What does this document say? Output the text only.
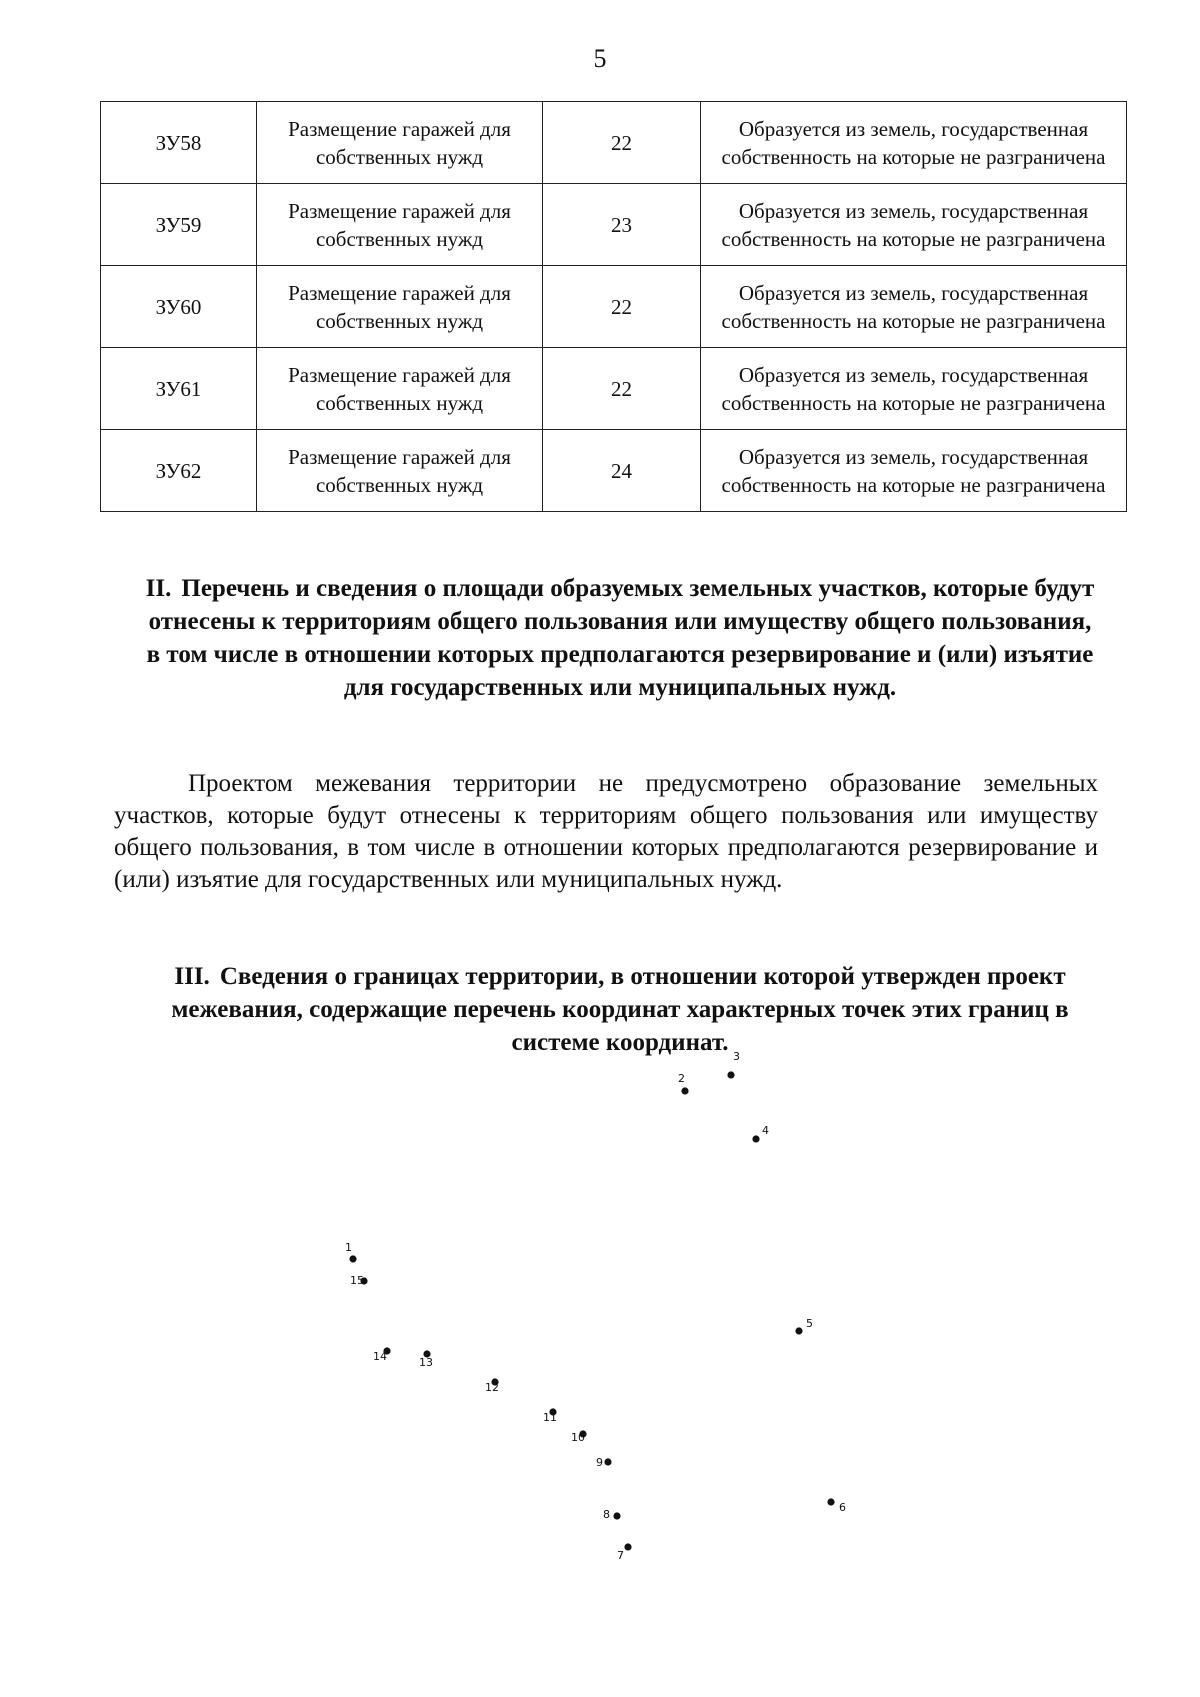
5
ЗУ58	Размещение гаражей для собственных нужд	22	Образуется из земель, государственная собственность на которые не разграничена
ЗУ59	Размещение гаражей для собственных нужд	23	Образуется из земель, государственная собственность на которые не разграничена
ЗУ60	Размещение гаражей для собственных нужд	22	Образуется из земель, государственная собственность на которые не разграничена
ЗУ61	Размещение гаражей для собственных нужд	22	Образуется из земель, государственная собственность на которые не разграничена
ЗУ62	Размещение гаражей для собственных нужд	24	Образуется из земель, государственная собственность на которые не разграничена
II. Перечень и сведения о площади образуемых земельных участков, которые будут отнесены к территориям общего пользования или имуществу общего пользования, в том числе в отношении которых предполагаются резервирование и (или) изъятие для государственных или муниципальных нужд.
Проектом межевания территории не предусмотрено образование земельных участков, которые будут отнесены к территориям общего пользования или имуществу общего пользования, в том числе в отношении которых предполагаются резервирование и (или) изъятие для государственных или муниципальных нужд.
III. Сведения о границах территории, в отношении которой утвержден проект межевания, содержащие перечень координат характерных точек этих границ в системе координат.
1
2
3
4
5
6
7
8
9
10
11
12
13
14
15
